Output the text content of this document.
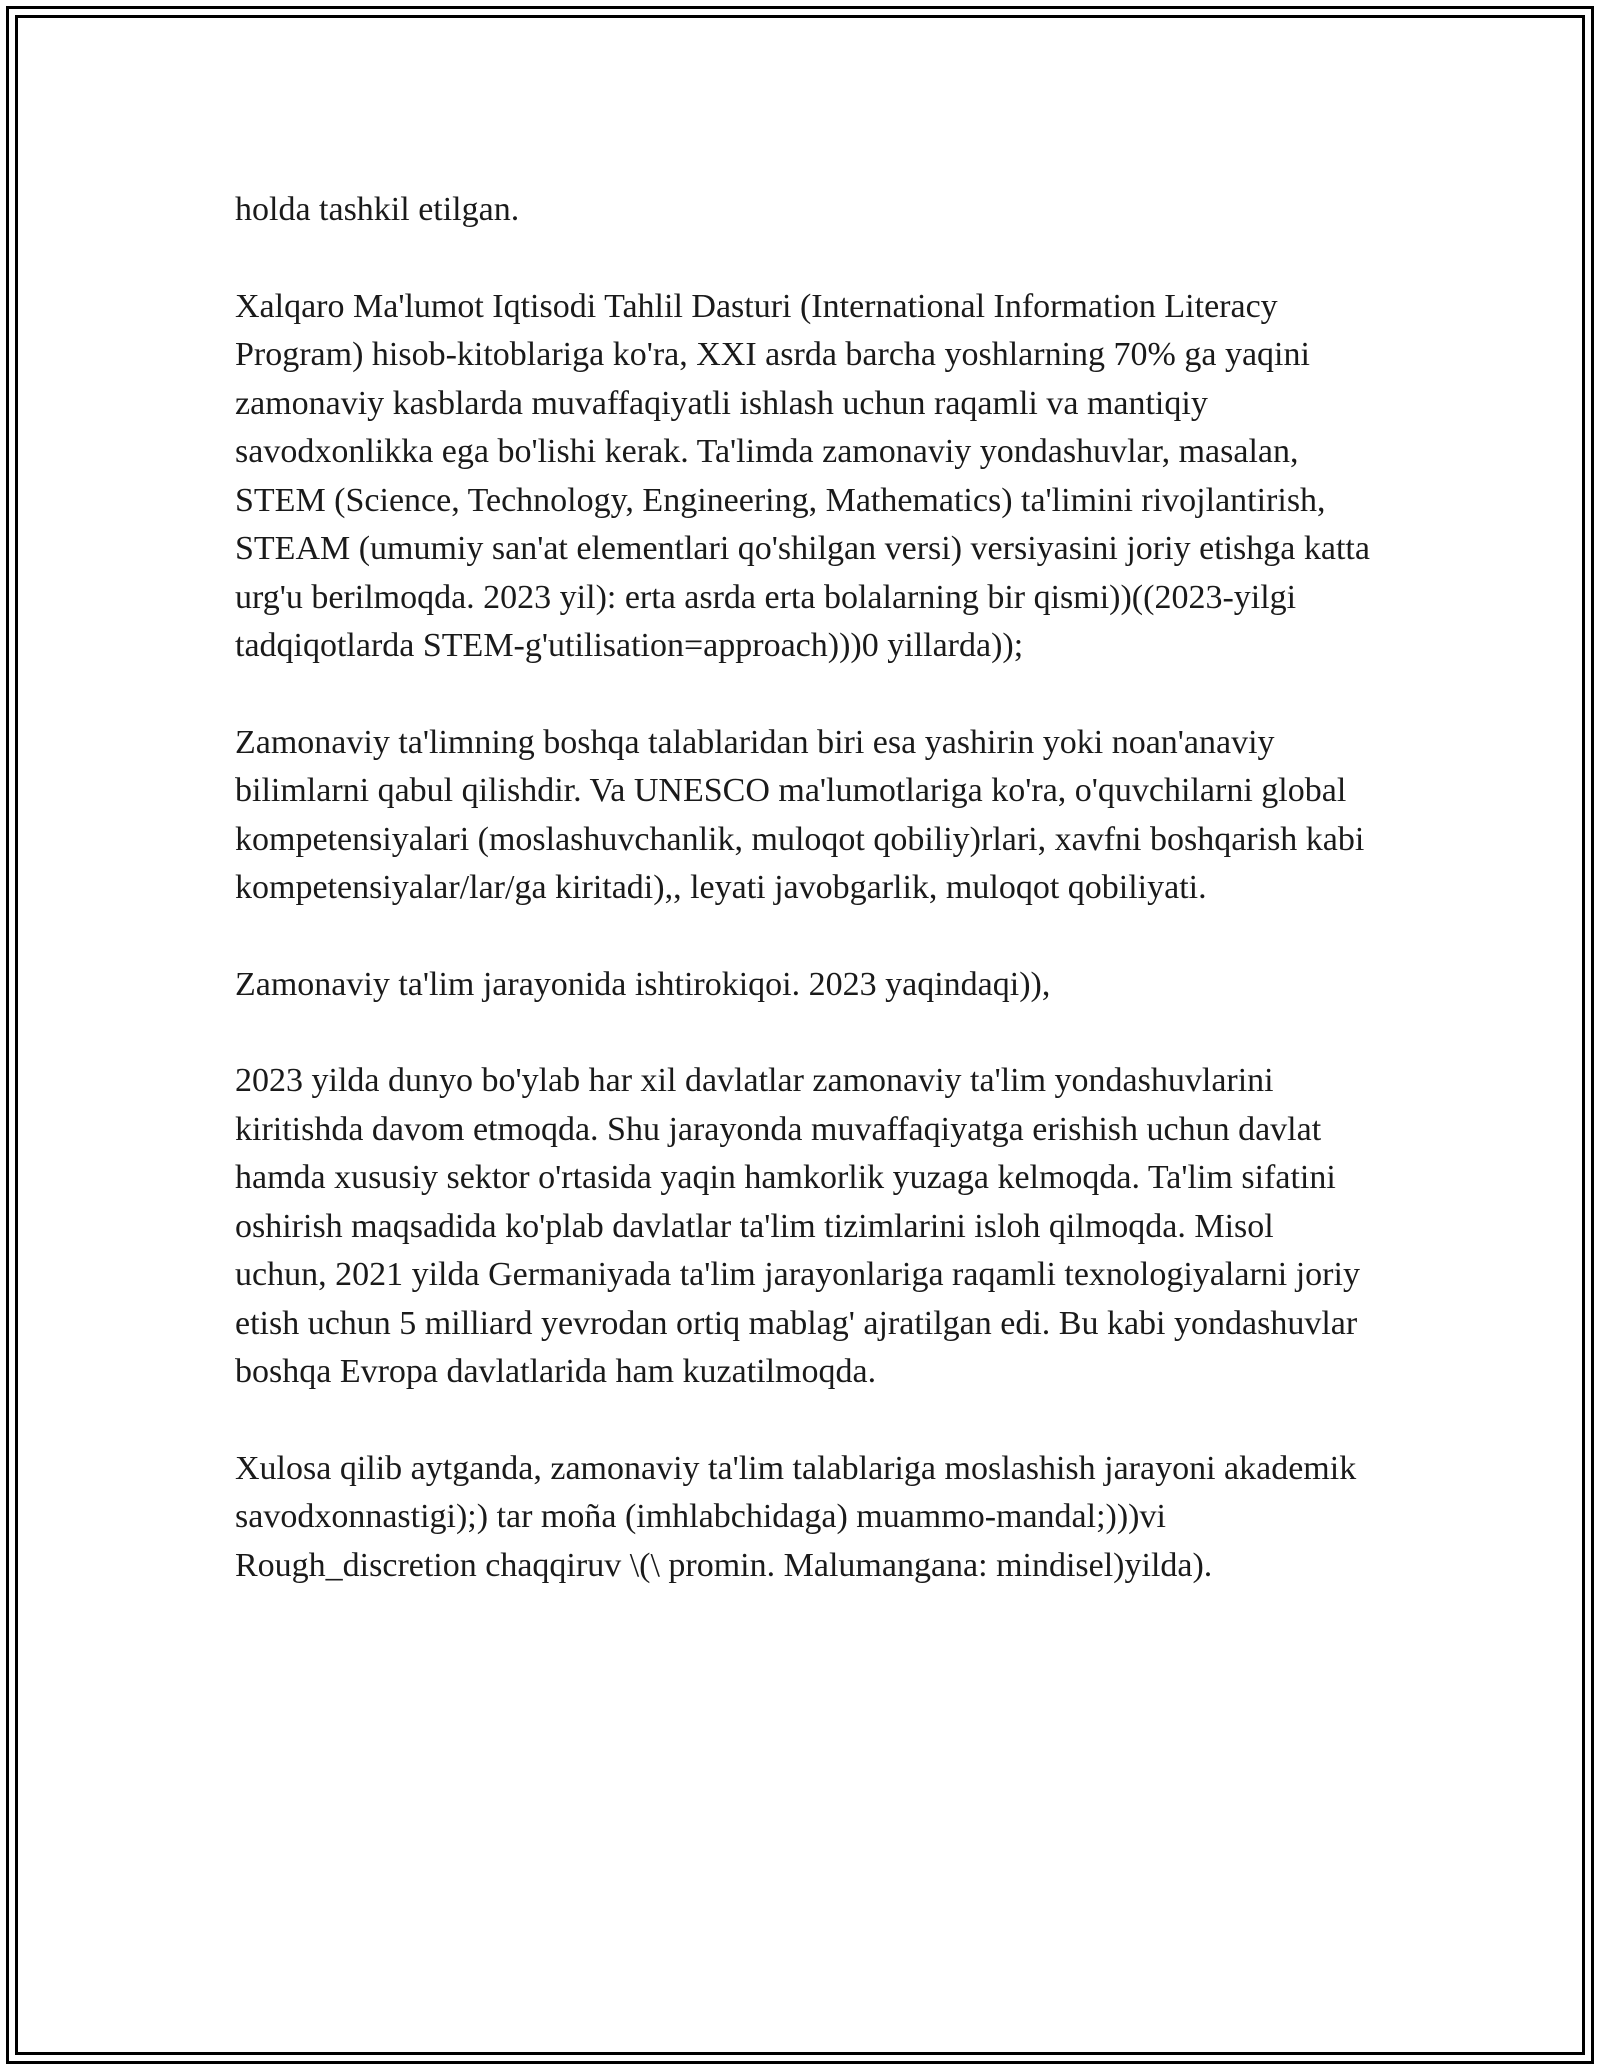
holda tashkil etilgan.

Xalqaro Ma'lumot Iqtisodi Tahlil Dasturi (International Information Literacy Program) hisob-kitoblariga ko'ra, XXI asrda barcha yoshlarning 70% ga yaqini zamonaviy kasblarda muvaffaqiyatli ishlash uchun raqamli va mantiqiy savodxonlikka ega bo'lishi kerak. Ta'limda zamonaviy yondashuvlar, masalan, STEM (Science, Technology, Engineering, Mathematics) ta'limini rivojlantirish, STEAM (umumiy san'at elementlari qo'shilgan versi) versiyasini joriy etishga katta urg'u berilmoqda. 2023 yil): erta asrda erta bolalarning bir qismi))((2023-yilgi tadqiqotlarda STEM-g'utilisation=approach)))0 yillarda));

Zamonaviy ta'limning boshqa talablaridan biri esa yashirin yoki noan'anaviy bilimlarni qabul qilishdir. Va UNESCO ma'lumotlariga ko'ra, o'quvchilarni global kompetensiyalari (moslashuvchanlik, muloqot qobiliy)rlari, xavfni boshqarish kabi kompetensiyalar/lar/ga kiritadi),, leyati javobgarlik, muloqot qobiliyati.

Zamonaviy ta'lim jarayonida ishtirokiqoi. 2023 yaqindaqi)),

2023 yilda dunyo bo'ylab har xil davlatlar zamonaviy ta'lim yondashuvlarini kiritishda davom etmoqda. Shu jarayonda muvaffaqiyatga erishish uchun davlat hamda xususiy sektor o'rtasida yaqin hamkorlik yuzaga kelmoqda. Ta'lim sifatini oshirish maqsadida ko'plab davlatlar ta'lim tizimlarini isloh qilmoqda. Misol uchun, 2021 yilda Germaniyada ta'lim jarayonlariga raqamli texnologiyalarni joriy etish uchun 5 milliard yevrodan ortiq mablag' ajratilgan edi. Bu kabi yondashuvlar boshqa Evropa davlatlarida ham kuzatilmoqda.

Xulosa qilib aytganda, zamonaviy ta'lim talablariga moslashish jarayoni akademik savodxonnastigi);) tar moña (imhlabchidaga) muammo-mandal;)))vi Rough_discretion chaqqiruv \(\ promin. Malumangana: mindisel)yilda).
